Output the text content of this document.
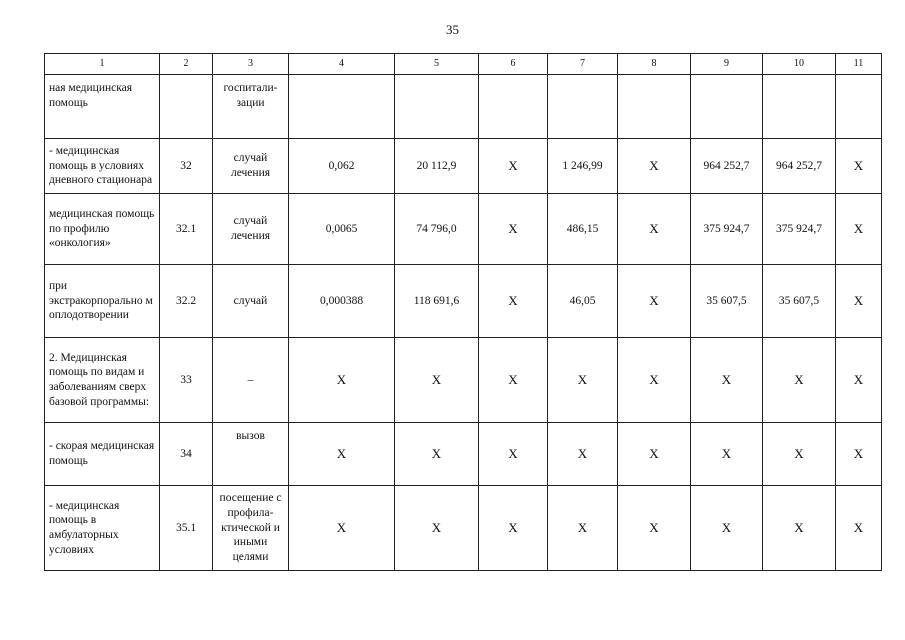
35
1	2	3	4	5	6	7	8	9	10	11
ная медицинская помощь		госпитали-зации								
- медицинская помощь в условиях дневного стационара	32	случай лечения	0,062	20 112,9	Х	1 246,99	Х	964 252,7	964 252,7	Х
медицинская помощь по профилю «онкология»	32.1	случай лечения	0,0065	74 796,0	Х	486,15	Х	375 924,7	375 924,7	Х
при экстракорпорально м оплодотворении	32.2	случай	0,000388	118 691,6	Х	46,05	Х	35 607,5	35 607,5	Х
2. Медицинская помощь по видам и заболеваниям сверх базовой программы:	33	–	Х	Х	Х	Х	Х	Х	Х	Х
- скорая медицинская помощь	34	вызов	Х	Х	Х	Х	Х	Х	Х	Х
- медицинская помощь в амбулаторных условиях	35.1	посещение с профила-ктической и иными целями	Х	Х	Х	Х	Х	Х	Х	Х
